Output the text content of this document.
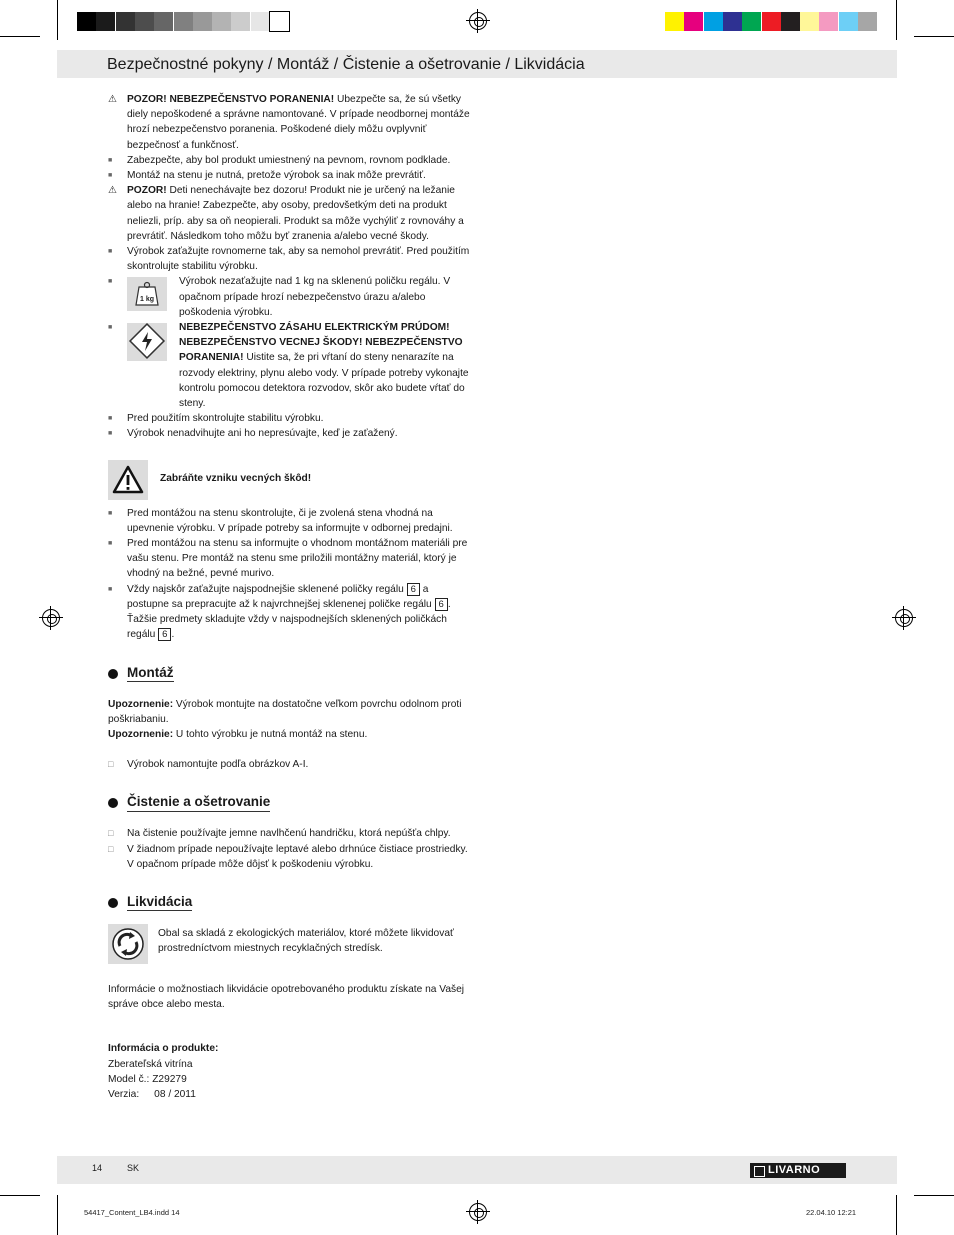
Bezpečnostné pokyny / Montáž / Čistenie a ošetrovanie / Likvidácia
⚠
POZOR! NEBEZPEČENSTVO PORANENIA! Ubezpečte sa, že sú všetky diely nepoškodené a správne namontované. V prípade neodbornej montáže hrozí nebezpečenstvo poranenia. Poškodené diely môžu ovplyvniť bezpečnosť a funkčnosť.
■
Zabezpečte, aby bol produkt umiestnený na pevnom, rovnom podklade.
■
Montáž na stenu je nutná, pretože výrobok sa inak môže prevrátiť.
⚠
POZOR! Deti nenechávajte bez dozoru! Produkt nie je určený na ležanie alebo na hranie! Zabezpečte, aby osoby, predovšetkým deti na produkt neliezli, príp. aby sa oň neopierali. Produkt sa môže vychýliť z rovnováhy a prevrátiť. Následkom toho môžu byť zranenia a/alebo vecné škody.
■
Výrobok zaťažujte rovnomerne tak, aby sa nemohol prevrátiť. Pred použitím skontrolujte stabilitu výrobku.
■
1 kg
Výrobok nezaťažujte nad 1 kg na sklenenú poličku regálu. V opačnom prípade hrozí nebezpečenstvo úrazu a/alebo poškodenia výrobku.
■
NEBEZPEČENSTVO ZÁSAHU ELEKTRICKÝM PRÚDOM! NEBEZPEČENSTVO VECNEJ ŠKODY! NEBEZPEČENSTVO PORANENIA! Uistite sa, že pri vŕtaní do steny nenarazíte na rozvody elektriny, plynu alebo vody. V prípade potreby vykonajte kontrolu pomocou detektora rozvodov, skôr ako budete vŕtať do steny.
■
Pred použitím skontrolujte stabilitu výrobku.
■
Výrobok nenadvihujte ani ho nepresúvajte, keď je zaťažený.
Zabráňte vzniku vecných škôd!
■
Pred montážou na stenu skontrolujte, či je zvolená stena vhodná na upevnenie výrobku. V prípade potreby sa informujte v odbornej predajni.
■
Pred montážou na stenu sa informujte o vhodnom montážnom materiáli pre vašu stenu. Pre montáž na stenu sme priložili montážny materiál, ktorý je vhodný na bežné, pevné murivo.
■
Vždy najskôr zaťažujte najspodnejšie sklenené poličky regálu 6 a postupne sa prepracujte až k najvrchnejšej sklenenej poličke regálu 6 . Ťažšie predmety skladujte vždy v najspodnejších sklenených poličkách regálu 6 .
Montáž

Upozornenie: Výrobok montujte na dostatočne veľkom povrchu odolnom proti poškriabaniu.

Upozornenie: U tohto výrobku je nutná montáž na stenu.

□
Výrobok namontujte podľa obrázkov A-I.
Čistenie a ošetrovanie
□
Na čistenie používajte jemne navlhčenú handričku, ktorá nepúšťa chlpy.
□
V žiadnom prípade nepoužívajte leptavé alebo drhnúce čistiace prostriedky. V opačnom prípade môže dôjsť k poškodeniu výrobku.
Likvidácia
Obal sa skladá z ekologických materiálov, ktoré môžete likvidovať prostredníctvom miestnych recyklačných stredísk.

Informácie o možnostiach likvidácie opotrebovaného produktu získate na Vašej správe obce alebo mesta.

Informácia o produkte:
Zberateľská vitrína
Model č.: Z29279
Verzia: 08 / 2011
14	SK	LIVARNO
54417_Content_LB4.indd 14	22.04.10 12:21
